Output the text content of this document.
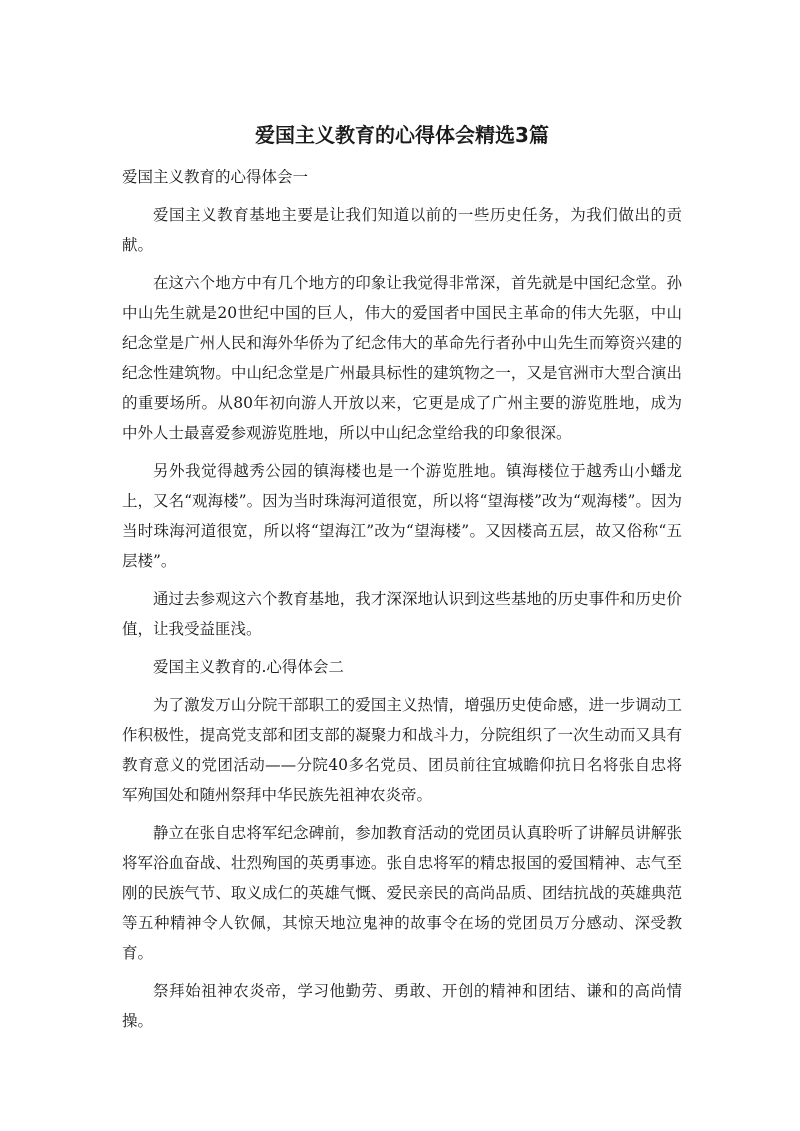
爱国主义教育的心得体会精选3篇

爱国主义教育的心得体会一

爱国主义教育基地主要是让我们知道以前的一些历史任务，为我们做出的贡献。

在这六个地方中有几个地方的印象让我觉得非常深，首先就是中国纪念堂。孙中山先生就是20世纪中国的巨人，伟大的爱国者中国民主革命的伟大先驱，中山纪念堂是广州人民和海外华侨为了纪念伟大的革命先行者孙中山先生而筹资兴建的纪念性建筑物。中山纪念堂是广州最具标性的建筑物之一，又是官洲市大型合演出的重要场所。从80年初向游人开放以来，它更是成了广州主要的游览胜地，成为中外人士最喜爱参观游览胜地，所以中山纪念堂给我的印象很深。

另外我觉得越秀公园的镇海楼也是一个游览胜地。镇海楼位于越秀山小蟠龙上，又名“观海楼”。因为当时珠海河道很宽，所以将“望海楼”改为“观海楼”。因为当时珠海河道很宽，所以将“望海江”改为“望海楼”。又因楼高五层，故又俗称“五层楼”。

通过去参观这六个教育基地，我才深深地认识到这些基地的历史事件和历史价值，让我受益匪浅。

爱国主义教育的.心得体会二

为了激发万山分院干部职工的爱国主义热情，增强历史使命感，进一步调动工作积极性，提高党支部和团支部的凝聚力和战斗力，分院组织了一次生动而又具有教育意义的党团活动——分院40多名党员、团员前往宜城瞻仰抗日名将张自忠将军殉国处和随州祭拜中华民族先祖神农炎帝。

静立在张自忠将军纪念碑前，参加教育活动的党团员认真聆听了讲解员讲解张将军浴血奋战、壮烈殉国的英勇事迹。张自忠将军的精忠报国的爱国精神、志气至刚的民族气节、取义成仁的英雄气慨、爱民亲民的高尚品质、团结抗战的英雄典范等五种精神令人钦佩，其惊天地泣鬼神的故事令在场的党团员万分感动、深受教育。

祭拜始祖神农炎帝，学习他勤劳、勇敢、开创的精神和团结、谦和的高尚情操。
